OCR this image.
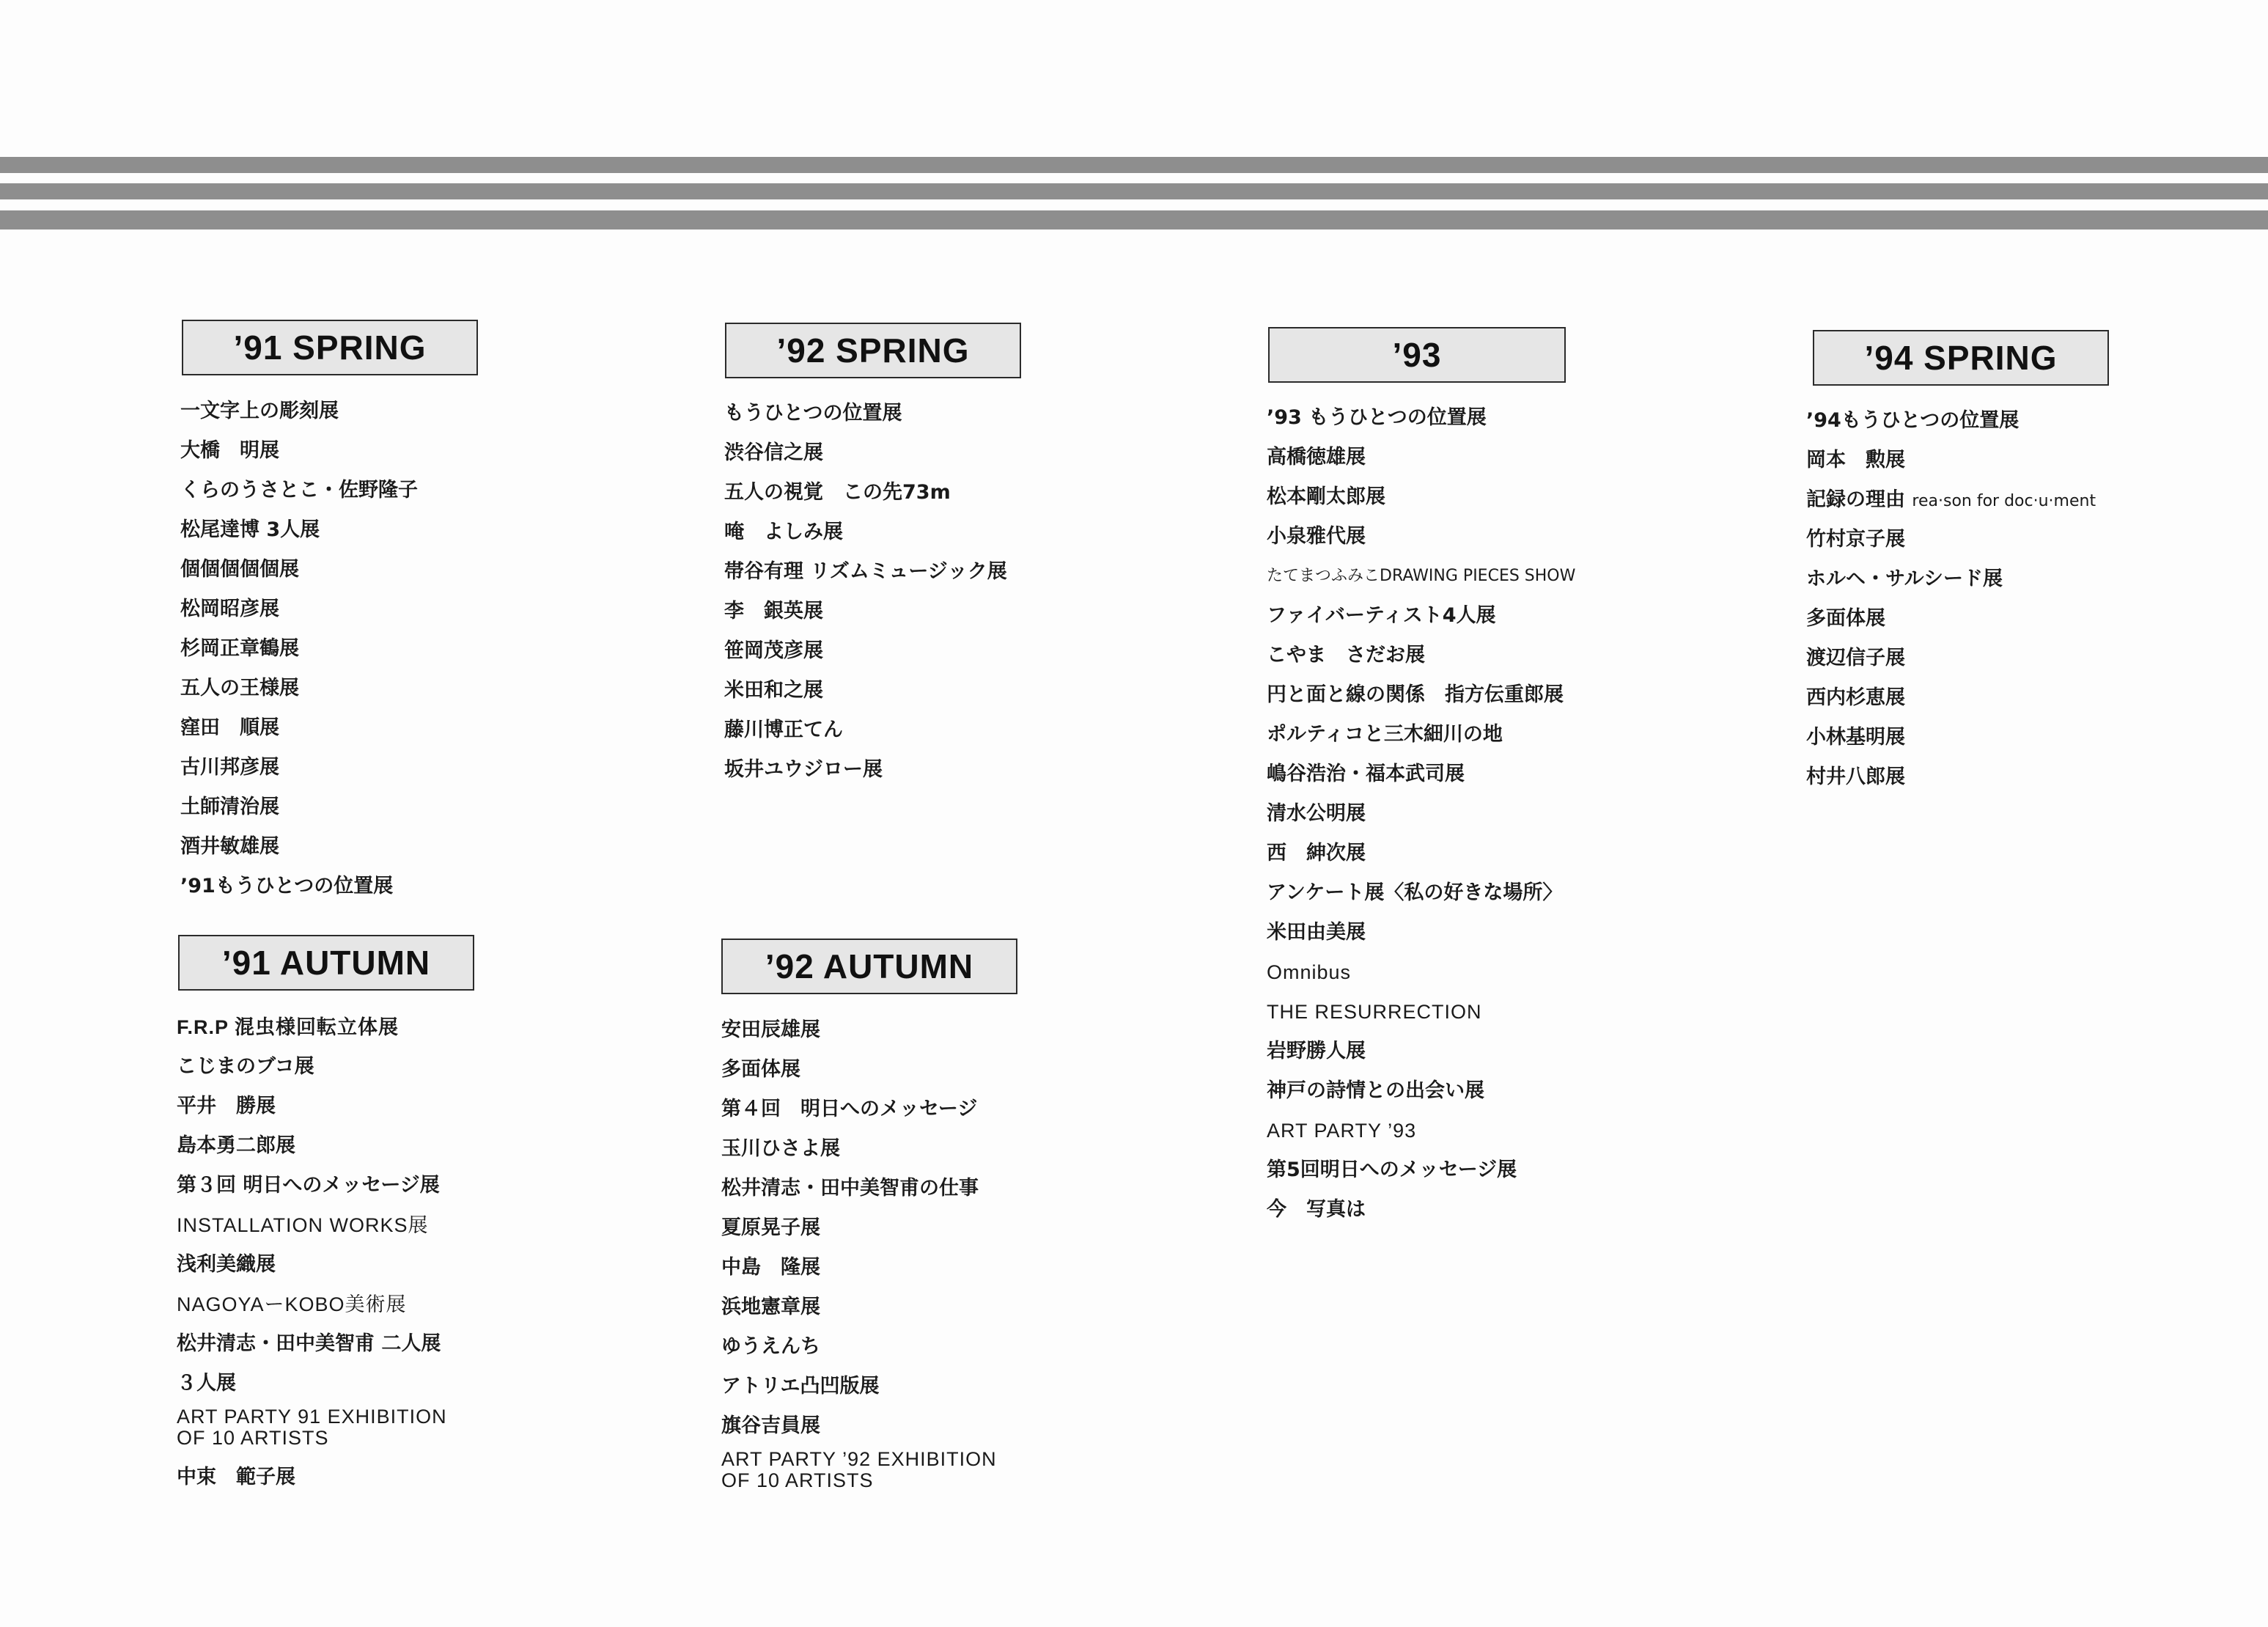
’91 SPRING
一文字上の彫刻展
大橋　明展
くらのうさとこ・佐野隆子
松尾達博 3人展
個個個個個展
松岡昭彦展
杉岡正章鶴展
五人の王様展
窪田　順展
古川邦彦展
土師清治展
酒井敏雄展
’91もうひとつの位置展
’91 AUTUMN
F.R.P 混虫様回転立体展
こじまのブコ展
平井　勝展
島本勇二郎展
第３回 明日へのメッセージ展
INSTALLATION WORKS展
浅利美織展
NAGOYAーKOBO美術展
松井清志・田中美智甫 二人展
３人展
ART PARTY 91 EXHIBITION
OF 10 ARTISTS
中束　範子展
’92 SPRING
もうひとつの位置展
渋谷信之展
五人の視覚　この先73m
唵　よしみ展
帯谷有理 リズムミュージック展
李　銀英展
笹岡茂彦展
米田和之展
藤川博正てん
坂井ユウジロー展
’92 AUTUMN
安田辰雄展
多面体展
第４回　明日へのメッセージ
玉川ひさよ展
松井清志・田中美智甫の仕事
夏原晃子展
中島　隆展
浜地憲章展
ゆうえんち
アトリエ凸凹版展
旗谷吉員展
ART PARTY ’92 EXHIBITION
OF 10 ARTISTS
’93
’93 もうひとつの位置展
高橋徳雄展
松本剛太郎展
小泉雅代展
たてまつふみこDRAWING PIECES SHOW
ファイバーティスト4人展
こやま　さだお展
円と面と線の関係　指方伝重郎展
ポルティコと三木細川の地
嶋谷浩治・福本武司展
清水公明展
西　紳次展
アンケート展〈私の好きな場所〉
米田由美展
Omnibus
THE RESURRECTION
岩野勝人展
神戸の詩情との出会い展
ART PARTY ’93
第5回明日へのメッセージ展
今　写真は
’94 SPRING
’94もうひとつの位置展
岡本　勲展
記録の理由 rea·son for doc·u·ment
竹村京子展
ホルヘ・サルシード展
多面体展
渡辺信子展
西内杉恵展
小林基明展
村井八郎展
